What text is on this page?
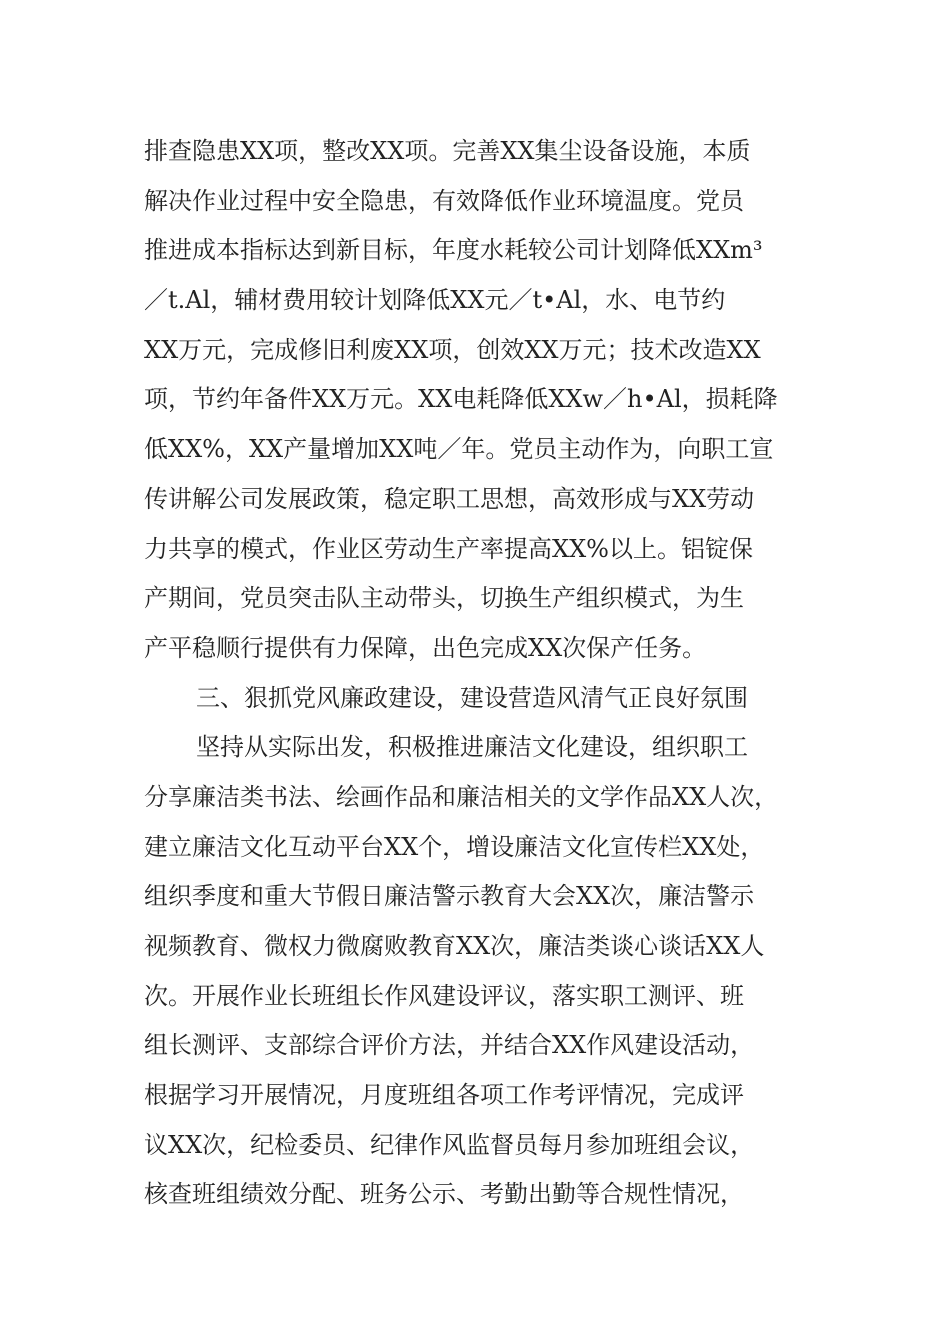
排查隐患XX项，整改XX项。完善XX集尘设备设施，本质
解决作业过程中安全隐患，有效降低作业环境温度。党员
推进成本指标达到新目标，年度水耗较公司计划降低XXm³
／t.Al，辅材费用较计划降低XX元／t•Al，水、电节约
XX万元，完成修旧利废XX项，创效XX万元；技术改造XX
项，节约年备件XX万元。XX电耗降低XXw／h•Al，损耗降
低XX%，XX产量增加XX吨／年。党员主动作为，向职工宣
传讲解公司发展政策，稳定职工思想，高效形成与XX劳动
力共享的模式，作业区劳动生产率提高XX%以上。铝锭保
产期间，党员突击队主动带头，切换生产组织模式，为生
产平稳顺行提供有力保障，出色完成XX次保产任务。
三、狠抓党风廉政建设，建设营造风清气正良好氛围
坚持从实际出发，积极推进廉洁文化建设，组织职工
分享廉洁类书法、绘画作品和廉洁相关的文学作品XX人次，
建立廉洁文化互动平台XX个，增设廉洁文化宣传栏XX处，
组织季度和重大节假日廉洁警示教育大会XX次，廉洁警示
视频教育、微权力微腐败教育XX次，廉洁类谈心谈话XX人
次。开展作业长班组长作风建设评议，落实职工测评、班
组长测评、支部综合评价方法，并结合XX作风建设活动，
根据学习开展情况，月度班组各项工作考评情况，完成评
议XX次，纪检委员、纪律作风监督员每月参加班组会议，
核查班组绩效分配、班务公示、考勤出勤等合规性情况，
